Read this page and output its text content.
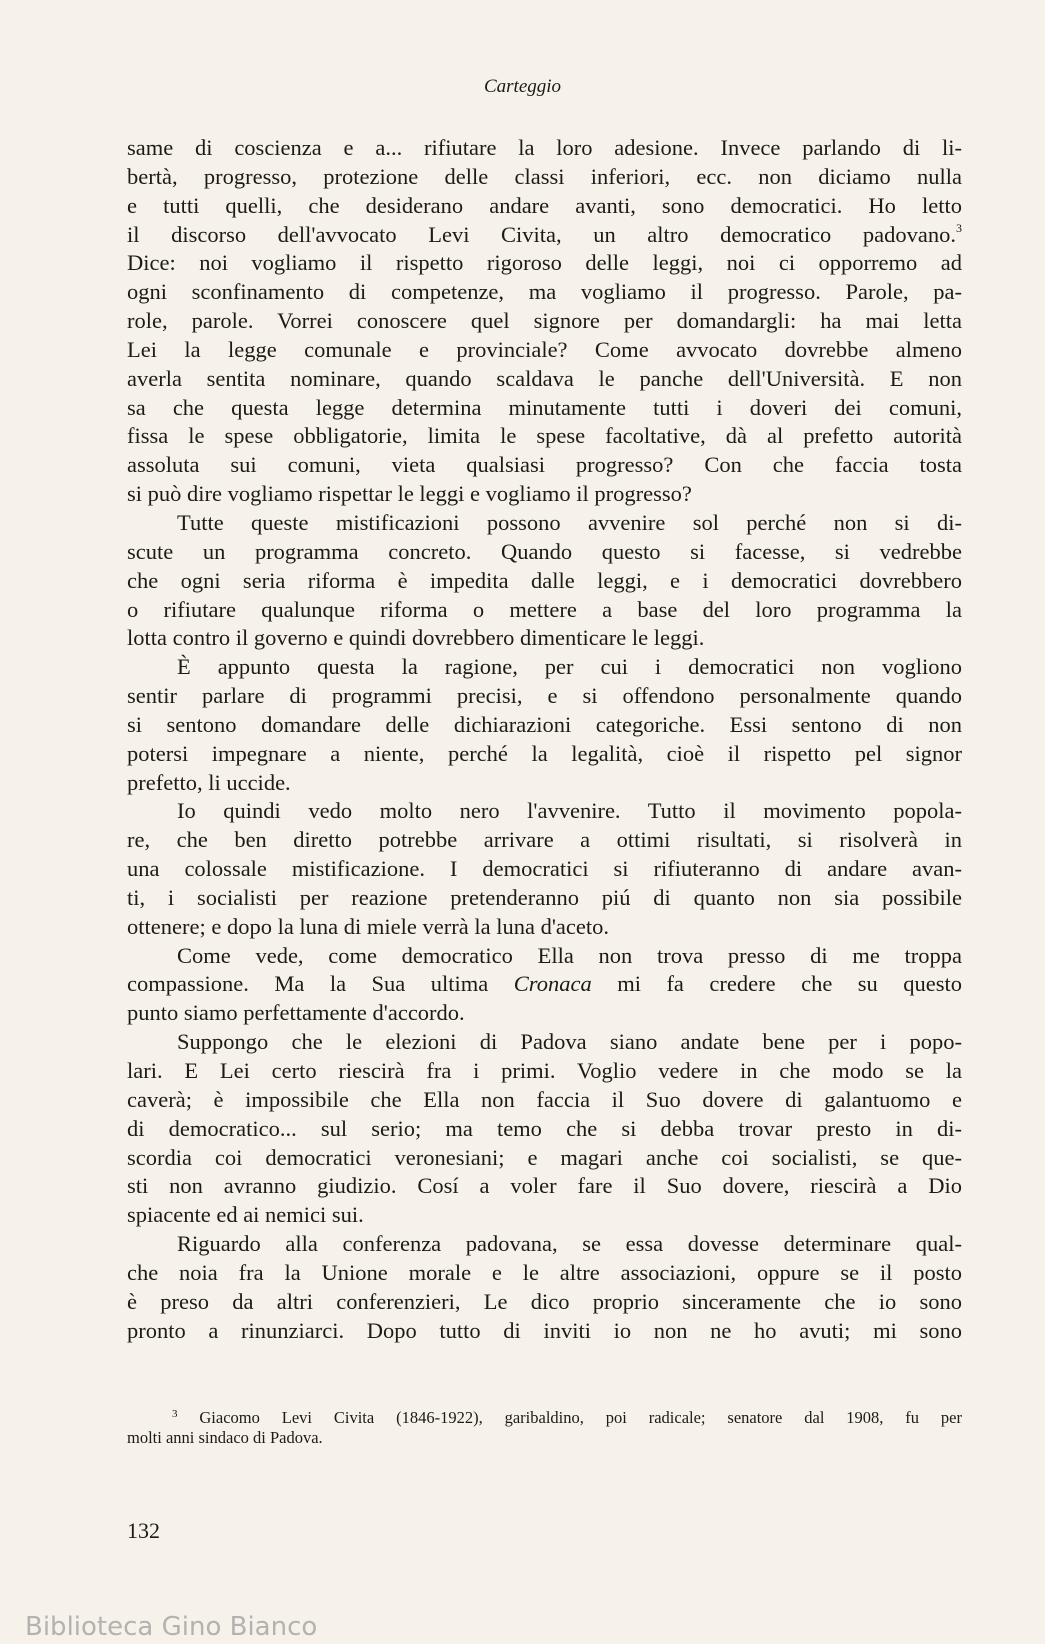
Carteggio
same di coscienza e a... rifiutare la loro adesione. Invece parlando di li-
bertà, progresso, protezione delle classi inferiori, ecc. non diciamo nulla
e tutti quelli, che desiderano andare avanti, sono democratici. Ho letto
il discorso dell'avvocato Levi Civita, un altro democratico padovano.$^3$
Dice: noi vogliamo il rispetto rigoroso delle leggi, noi ci opporremo ad
ogni sconfinamento di competenze, ma vogliamo il progresso. Parole, pa-
role, parole. Vorrei conoscere quel signore per domandargli: ha mai letta
Lei la legge comunale e provinciale? Come avvocato dovrebbe almeno
averla sentita nominare, quando scaldava le panche dell'Università. E non
sa che questa legge determina minutamente tutti i doveri dei comuni,
fissa le spese obbligatorie, limita le spese facoltative, dà al prefetto autorità
assoluta sui comuni, vieta qualsiasi progresso? Con che faccia tosta
si può dire vogliamo rispettar le leggi e vogliamo il progresso?
Tutte queste mistificazioni possono avvenire sol perché non si di-
scute un programma concreto. Quando questo si facesse, si vedrebbe
che ogni seria riforma è impedita dalle leggi, e i democratici dovrebbero
o rifiutare qualunque riforma o mettere a base del loro programma la
lotta contro il governo e quindi dovrebbero dimenticare le leggi.
È appunto questa la ragione, per cui i democratici non vogliono
sentir parlare di programmi precisi, e si offendono personalmente quando
si sentono domandare delle dichiarazioni categoriche. Essi sentono di non
potersi impegnare a niente, perché la legalità, cioè il rispetto pel signor
prefetto, li uccide.
Io quindi vedo molto nero l'avvenire. Tutto il movimento popola-
re, che ben diretto potrebbe arrivare a ottimi risultati, si risolverà in
una colossale mistificazione. I democratici si rifiuteranno di andare avan-
ti, i socialisti per reazione pretenderanno piú di quanto non sia possibile
ottenere; e dopo la luna di miele verrà la luna d'aceto.
Come vede, come democratico Ella non trova presso di me troppa
compassione. Ma la Sua ultima Cronaca mi fa credere che su questo
punto siamo perfettamente d'accordo.
Suppongo che le elezioni di Padova siano andate bene per i popo-
lari. E Lei certo riescirà fra i primi. Voglio vedere in che modo se la
caverà; è impossibile che Ella non faccia il Suo dovere di galantuomo e
di democratico... sul serio; ma temo che si debba trovar presto in di-
scordia coi democratici veronesiani; e magari anche coi socialisti, se que-
sti non avranno giudizio. Cosí a voler fare il Suo dovere, riescirà a Dio
spiacente ed ai nemici sui.
Riguardo alla conferenza padovana, se essa dovesse determinare qual-
che noia fra la Unione morale e le altre associazioni, oppure se il posto
è preso da altri conferenzieri, Le dico proprio sinceramente che io sono
pronto a rinunziarci. Dopo tutto di inviti io non ne ho avuti; mi sono
$^3$ Giacomo Levi Civita (1846-1922), garibaldino, poi radicale; senatore dal 1908, fu per
molti anni sindaco di Padova.
132
Biblioteca Gino Bianco
